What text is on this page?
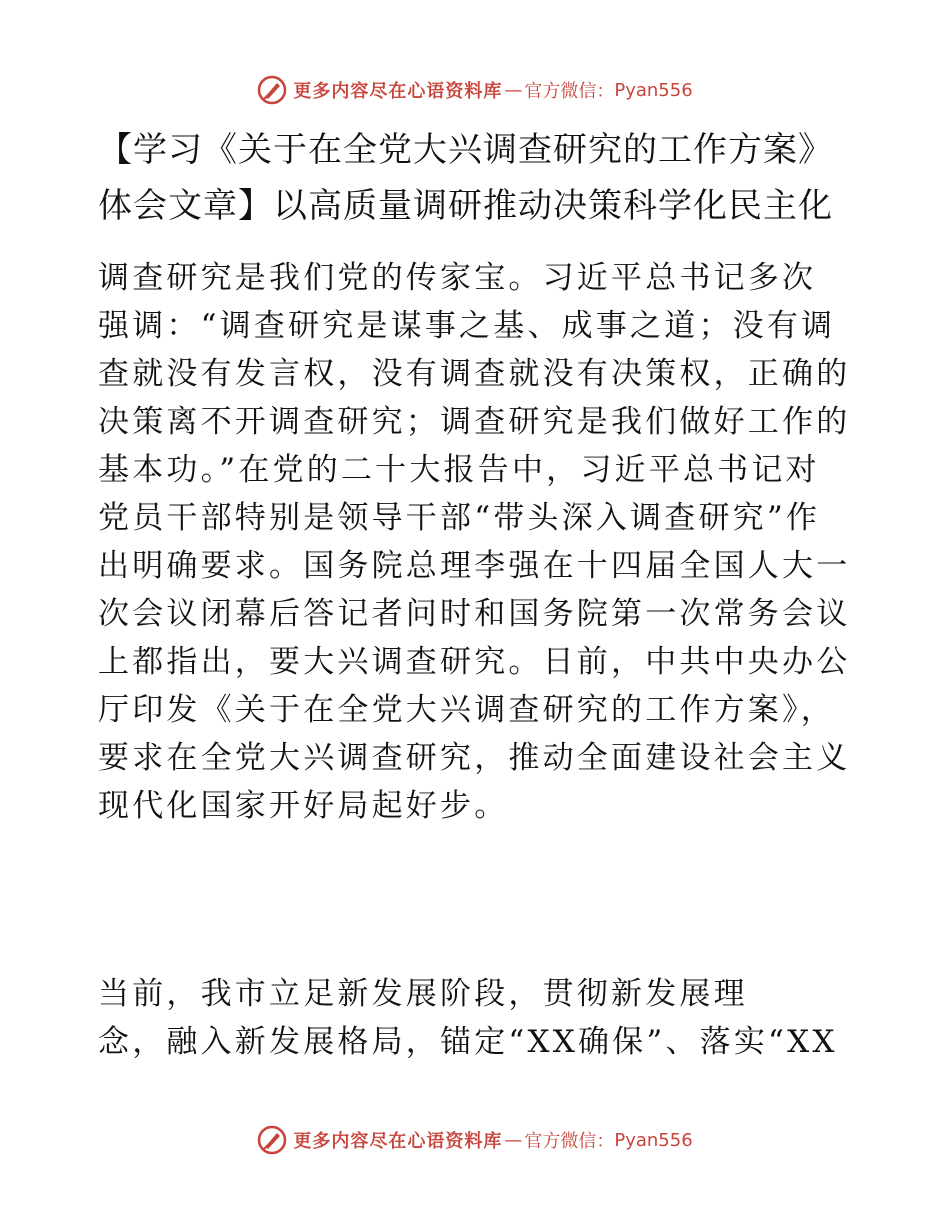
更多内容尽在心语资料库 — 官方微信： Pyan556
【学习《关于在全党大兴调查研究的工作方案》
体会文章】以高质量调研推动决策科学化民主化
调查研究是我们党的传家宝。习近平总书记多次
强调：“调查研究是谋事之基、成事之道；没有调
查就没有发言权，没有调查就没有决策权，正确的
决策离不开调查研究；调查研究是我们做好工作的
基本功。”在党的二十大报告中，习近平总书记对
党员干部特别是领导干部“带头深入调查研究”作
出明确要求。国务院总理李强在十四届全国人大一
次会议闭幕后答记者问时和国务院第一次常务会议
上都指出，要大兴调查研究。日前，中共中央办公
厅印发《关于在全党大兴调查研究的工作方案》，
要求在全党大兴调查研究，推动全面建设社会主义
现代化国家开好局起好步。
当前，我市立足新发展阶段，贯彻新发展理
念，融入新发展格局，锚定“XX确保”、落实“XX
更多内容尽在心语资料库 — 官方微信： Pyan556
